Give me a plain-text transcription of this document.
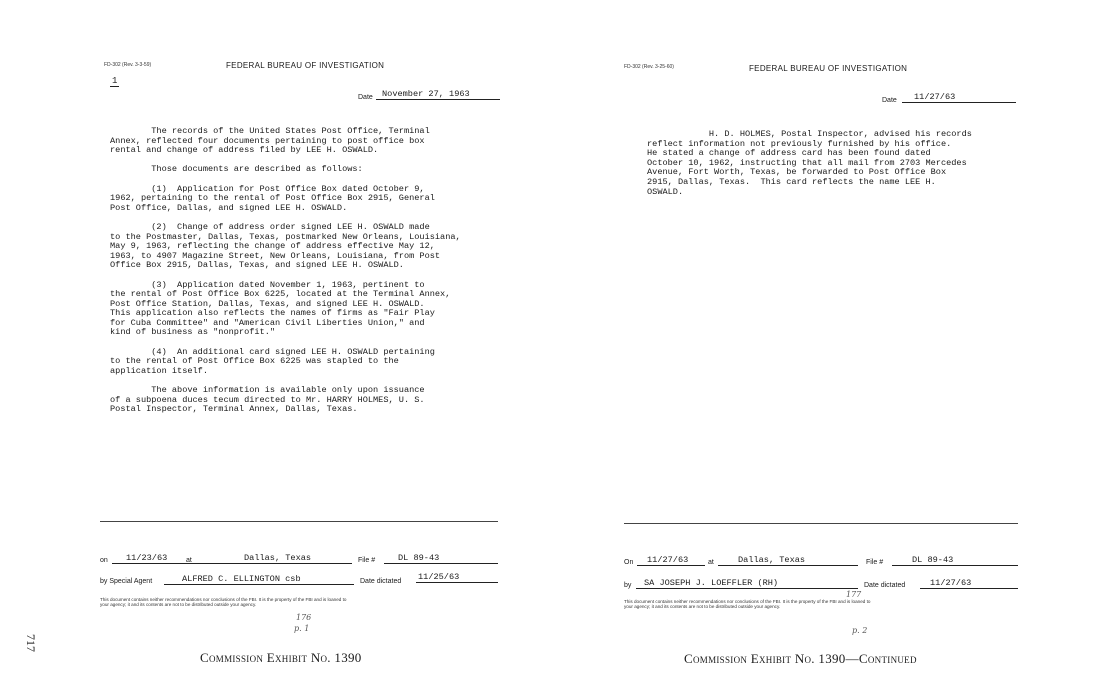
FD-302 (Rev. 3-3-59)	FEDERAL BUREAU OF INVESTIGATION
1
Date	November 27, 1963
The records of the United States Post Office, Terminal
Annex, reflected four documents pertaining to post office box
rental and change of address filed by LEE H. OSWALD.

Those documents are described as follows:

(1)  Application for Post Office Box dated October 9,
1962, pertaining to the rental of Post Office Box 2915, General
Post Office, Dallas, and signed LEE H. OSWALD.

(2)  Change of address order signed LEE H. OSWALD made
to the Postmaster, Dallas, Texas, postmarked New Orleans, Louisiana,
May 9, 1963, reflecting the change of address effective May 12,
1963, to 4907 Magazine Street, New Orleans, Louisiana, from Post
Office Box 2915, Dallas, Texas, and signed LEE H. OSWALD.

(3)  Application dated November 1, 1963, pertinent to
the rental of Post Office Box 6225, located at the Terminal Annex,
Post Office Station, Dallas, Texas, and signed LEE H. OSWALD.
This application also reflects the names of firms as "Fair Play
for Cuba Committee" and "American Civil Liberties Union," and
kind of business as "nonprofit."

(4)  An additional card signed LEE H. OSWALD pertaining
to the rental of Post Office Box 6225 was stapled to the
application itself.

The above information is available only upon issuance
of a subpoena duces tecum directed to Mr. HARRY HOLMES, U. S.
Postal Inspector, Terminal Annex, Dallas, Texas.
on	11/23/63	at	Dallas, Texas	File #	DL 89-43
by Special Agent	ALFRED C. ELLINGTON csb	Date dictated 11/25/63
This document contains neither recommendations nor conclusions of the FBI. It is the property of the FBI and is loaned to
your agency; it and its contents are not to be distributed outside your agency.
176
p. 1
Commission Exhibit No. 1390
FD-302 (Rev. 3-25-60)	FEDERAL BUREAU OF INVESTIGATION
Date	11/27/63
H. D. HOLMES, Postal Inspector, advised his records
reflect information not previously furnished by his office.
He stated a change of address card has been found dated
October 10, 1962, instructing that all mail from 2703 Mercedes
Avenue, Fort Worth, Texas, be forwarded to Post Office Box
2915, Dallas, Texas.  This card reflects the name LEE H.
OSWALD.
On	11/27/63	at	Dallas, Texas	File #	DL 89-43
by	SA JOSEPH J. LOEFFLER (RH)	Date dictated	11/27/63
This document contains neither recommendations nor conclusions of the FBI. It is the property of the FBI and is loaned to
your agency; it and its contents are not to be distributed outside your agency.
177
p. 2
Commission Exhibit No. 1390—Continued
717
